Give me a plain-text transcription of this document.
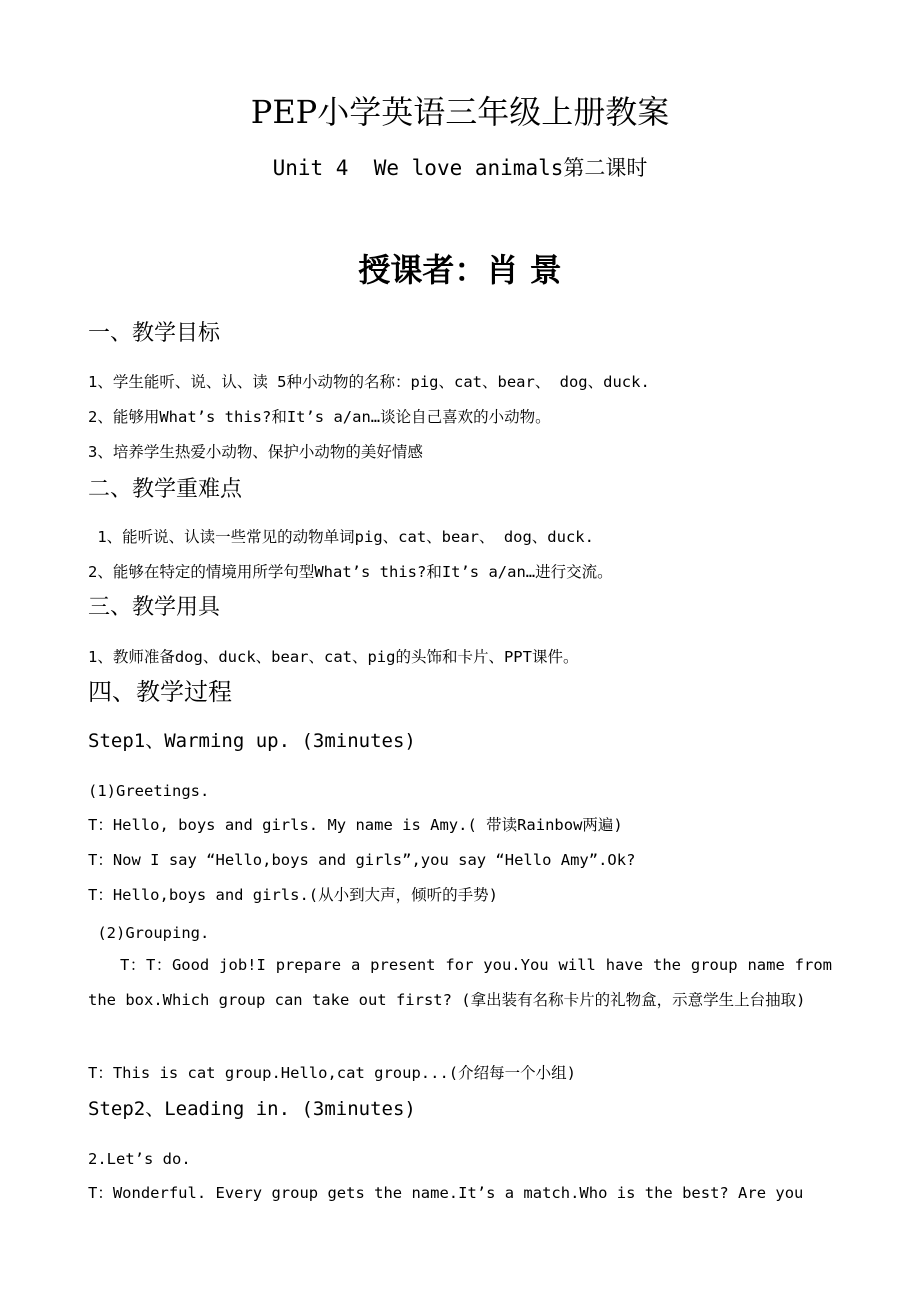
PEP小学英语三年级上册教案
Unit 4  We love animals第二课时
授课者：肖 景
一、教学目标
1、学生能听、说、认、读 5种小动物的名称：pig、cat、bear、 dog、duck.
2、能够用What’s this?和It’s a/an…谈论自己喜欢的小动物。
3、培养学生热爱小动物、保护小动物的美好情感
二、教学重难点
1、能听说、认读一些常见的动物单词pig、cat、bear、 dog、duck.
2、能够在特定的情境用所学句型What’s this?和It’s a/an…进行交流。
三、教学用具
1、教师准备dog、duck、bear、cat、pig的头饰和卡片、PPT课件。
四、教学过程
Step1、Warming up. (3minutes)
(1)Greetings.
T：Hello, boys and girls. My name is Amy.( 带读Rainbow两遍)
T：Now I say “Hello,boys and girls”,you say “Hello Amy”.Ok?
T：Hello,boys and girls.(从小到大声，倾听的手势)
(2)Grouping.
T：T：Good job!I prepare a present for you.You will have the group name from the box.Which group can take out first? (拿出装有名称卡片的礼物盒，示意学生上台抽取)
T：This is cat group.Hello,cat group...(介绍每一个小组)
Step2、Leading in. (3minutes)
2.Let’s do.
T：Wonderful. Every group gets the name.It’s a match.Who is the best? Are you
